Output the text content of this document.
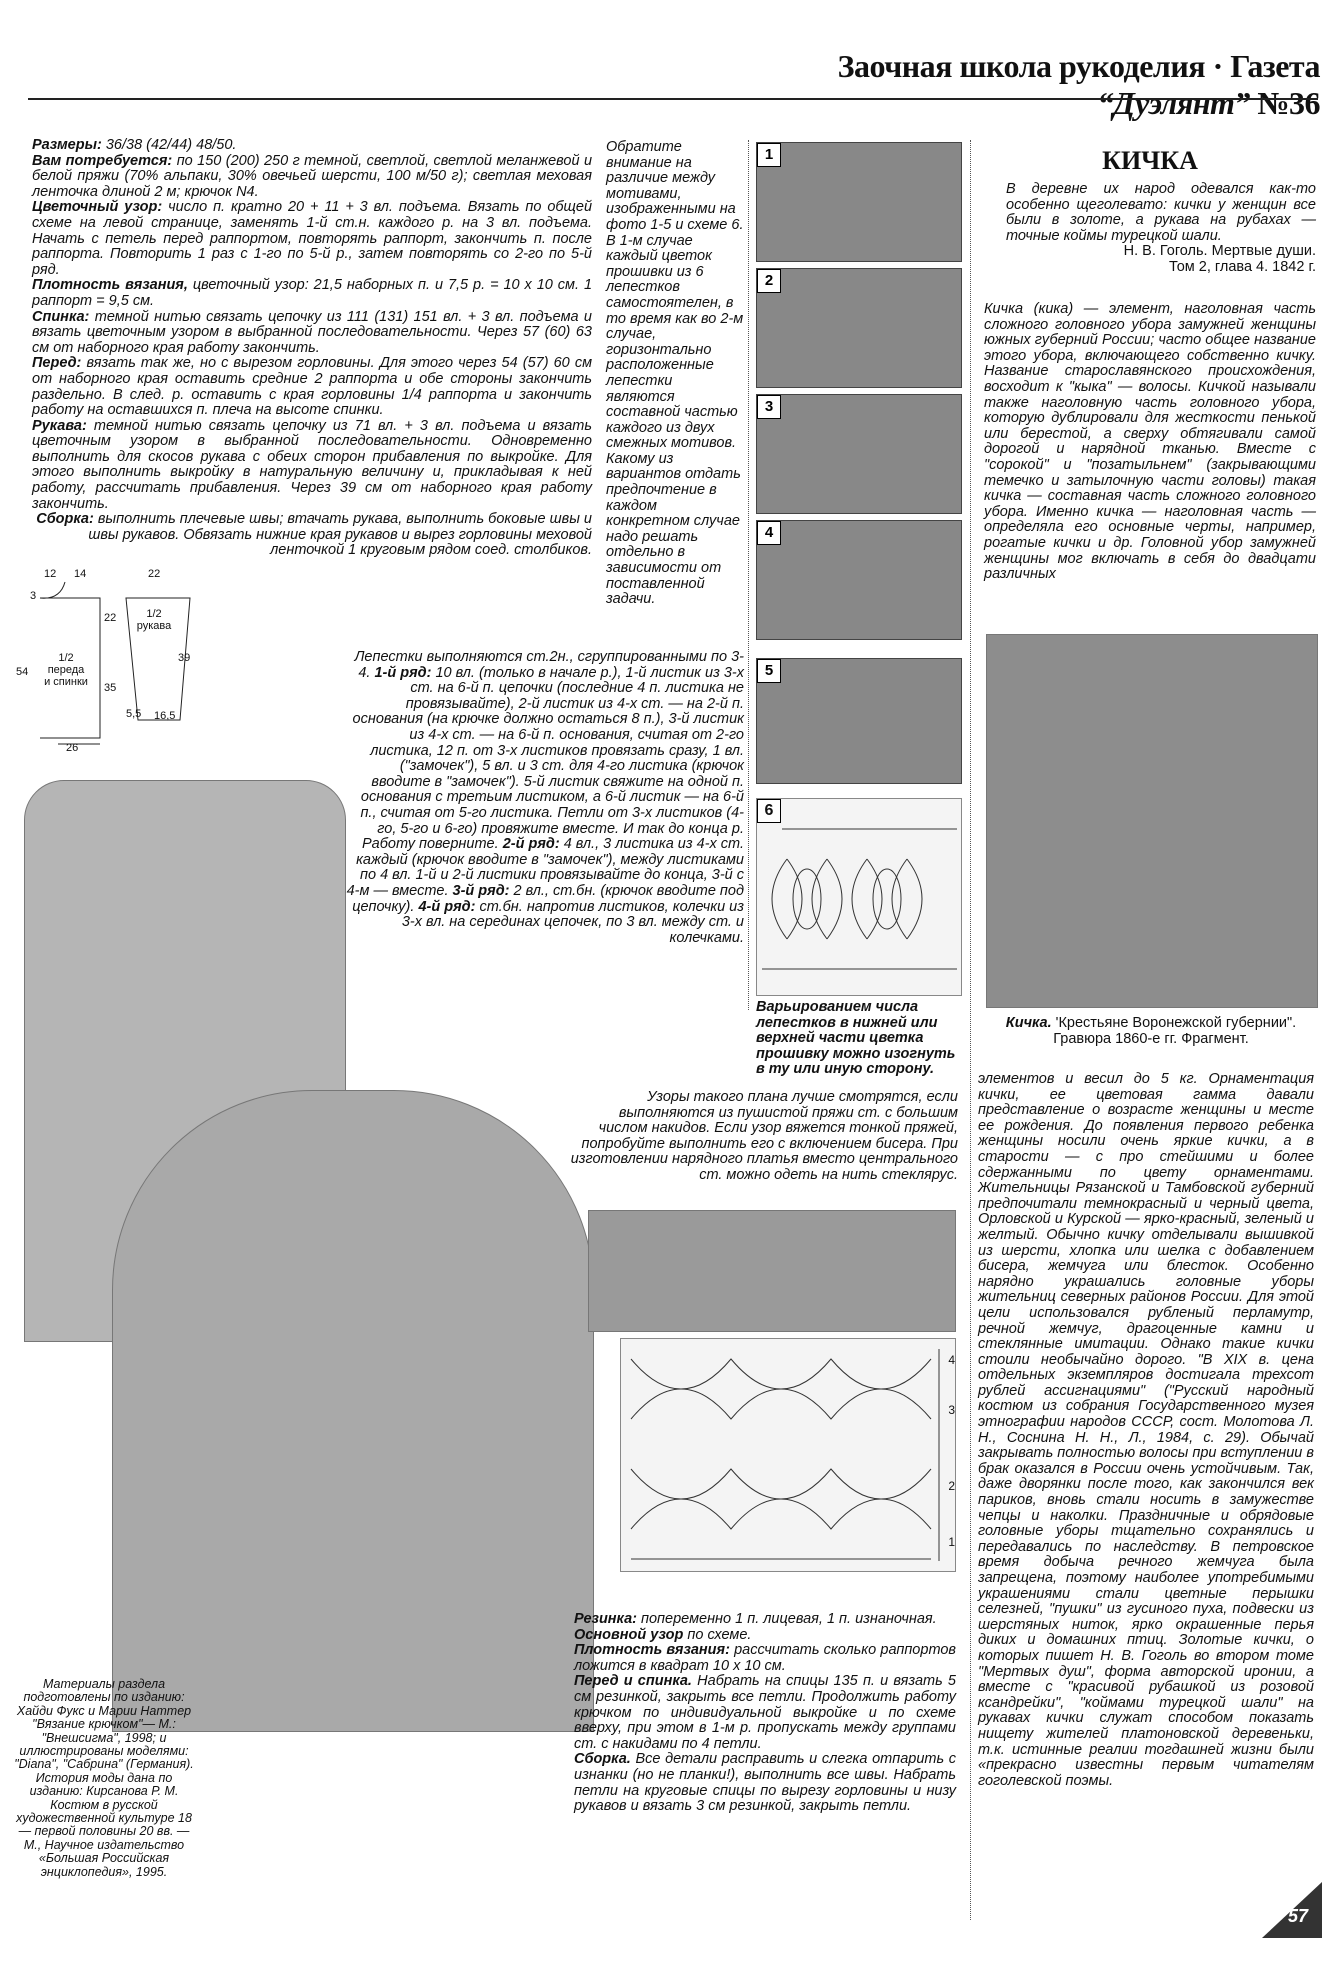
Заочная школа рукоделия · Газета “Дуэлянт” №36

Размеры: 36/38 (42/44) 48/50.

Вам потребуется: по 150 (200) 250 г темной, светлой, светлой меланжевой и белой пряжи (70% альпаки, 30% овечьей шерсти, 100 м/50 г); светлая меховая ленточка длиной 2 м; крючок N4.

Цветочный узор: число п. кратно 20 + 11 + 3 вл. подъема. Вязать по общей схеме на левой странице, заменять 1-й ст.н. каждого р. на 3 вл. подъема. Начать с петель перед раппортом, повторять раппорт, закончить п. после раппорта. Повторить 1 раз с 1-го по 5-й р., затем повторять со 2-го по 5-й ряд.

Плотность вязания, цветочный узор: 21,5 наборных п. и 7,5 р. = 10 х 10 см. 1 раппорт = 9,5 см.

Спинка: темной нитью связать цепочку из 111 (131) 151 вл. + 3 вл. подъема и вязать цветочным узором в выбранной последовательности. Через 57 (60) 63 см от наборного края работу закончить.

Перед: вязать так же, но с вырезом горловины. Для этого через 54 (57) 60 см от наборного края оставить средние 2 раппорта и обе стороны закончить раздельно. В след. р. оставить с края горловины 1/4 раппорта и закончить работу на оставшихся п. плеча на высоте спинки.

Рукава: темной нитью связать цепочку из 71 вл. + 3 вл. подъема и вязать цветочным узором в выбранной последовательности. Одновременно выполнить для скосов рукава с обеих сторон прибавления по выкройке. Для этого выполнить выкройку в натуральную величину и, прикладывая к ней работу, рассчитать прибавления. Через 39 см от наборного края работу закончить.

Сборка: выполнить плечевые швы; втачать рукава, выполнить боковые швы и швы рукавов. Обвязать нижние края рукавов и вырез горловины меховой ленточкой 1 круговым рядом соед. столбиков.

Обратите внимание на различие между мотивами, изображенными на фото 1-5 и схеме 6. В 1-м случае каждый цветок прошивки из 6 лепестков самостоятелен, в то время как во 2-м случае, горизонтально расположенные лепестки являются составной частью каждого из двух смежных мотивов. Какому из вариантов отдать предпочтение в каждом конкретном случае надо решать отдельно в зависимости от поставленной задачи.

1
2
3
4
5
6
Варьированием числа лепестков в нижней или верхней части цветка прошивку можно изогнуть в ту или иную сторону.
12 14	22
3
22	1/2 рукава
39
54
1/2 переда и спинки 35
5,5 16,5
26
Лепестки выполняются ст.2н., сгруппированными по 3-4. 1-й ряд: 10 вл. (только в начале р.), 1-й листик из 3-х ст. на 6-й п. цепочки (последние 4 п. листика не провязывайте), 2-й листик из 4-х ст. — на 2-й п. основания (на крючке должно остаться 8 п.), 3-й листик из 4-х ст. — на 6-й п. основания, считая от 2-го листика, 12 п. от 3-х листиков провязать сразу, 1 вл. ("замочек"), 5 вл. и 3 ст. для 4-го листика (крючок вводите в "замочек"). 5-й листик свяжите на одной п. основания с третьим листиком, а 6-й листик — на 6-й п., считая от 5-го листика. Петли от 3-х листиков (4-го, 5-го и 6-го) провяжите вместе. И так до конца р. Работу поверните. 2-й ряд: 4 вл., 3 листика из 4-х ст. каждый (крючок вводите в "замочек"), между листиками по 4 вл. 1-й и 2-й листики провязывайте до конца, 3-й с 4-м — вместе. 3-й ряд: 2 вл., ст.бн. (крючок вводите под цепочку). 4-й ряд: ст.бн. напротив листиков, колечки из 3-х вл. на серединах цепочек, по 3 вл. между ст. и колечками.
Узоры такого плана лучше смотрятся, если выполняются из пушистой пряжи ст. с большим числом накидов. Если узор вяжется тонкой пряжей, попробуйте выполнить его с включением бисера. При изготовлении нарядного платья вместо центрального ст. можно одеть на нить стеклярус.
4
3
2
1

Резинка: попеременно 1 п. лицевая, 1 п. изнаночная.

Основной узор по схеме.

Плотность вязания: рассчитать сколько раппортов ложится в квадрат 10 х 10 см.

Перед и спинка. Набрать на спицы 135 п. и вязать 5 см резинкой, закрыть все петли. Продолжить работу крючком по индивидуальной выкройке и по схеме вверху, при этом в 1-м р. пропускать между группами ст. с накидами по 4 петли.

Сборка. Все детали расправить и слегка отпарить с изнанки (но не планки!), выполнить все швы. Набрать петли на круговые спицы по вырезу горловины и низу рукавов и вязать 3 см резинкой, закрыть петли.

Материалы раздела подготовлены по изданию: Хайди Фукс и Марии Наттер "Вязание крючком"— М.: "Внешсигма", 1998; и иллюстрированы моделями: "Diana", "Сабрина" (Германия). История моды дана по изданию: Кирсанова Р. М. Костюм в русской художественной культуре 18 — первой половины 20 вв. — М., Научное издательство «Большая Российская энциклопедия», 1995.
КИЧКА

В деревне их народ одевался как-то особенно щеголевато: кички у женщин все были в золоте, а рукава на рубахах — точные коймы турецкой шали.

Н. В. Гоголь. Мертвые души.

Том 2, глава 4. 1842 г.

Кичка (кика) — элемент, наголовная часть сложного головного убора замужней женщины южных губерний России; часто общее название этого убора, включающего собственно кичку. Название старославянского происхождения, восходит к "кыка" — волосы. Кичкой называли также наголовную часть головного убора, которую дублировали для жесткости пенькой или берестой, а сверху обтягивали самой дорогой и нарядной тканью. Вместе с "сорокой" и "позатыльнем" (закрывающими темечко и затылочную части головы) такая кичка — составная часть сложного головного убора. Именно кичка — наголовная часть — определяла его основные черты, например, рогатые кички и др. Головной убор замужней женщины мог включать в себя до двадцати различных

Кичка. 'Крестьяне Воронежской губернии". Гравюра 1860-е гг. Фрагмент.

элементов и весил до 5 кг. Орнаментация кички, ее цветовая гамма давали представление о возрасте женщины и месте ее рождения. До появления первого ребенка женщины носили очень яркие кички, а в старости — с про стейшими и более сдержанными по цвету орнаментами. Жительницы Рязанской и Тамбовской губерний предпочитали темнокрасный и черный цвета, Орловской и Курской — ярко-красный, зеленый и желтый. Обычно кичку отделывали вышивкой из шерсти, хлопка или шелка с добавлением бисера, жемчуга или блесток. Особенно нарядно украшались головные уборы жительниц северных районов России. Для этой цели использовался рубленый перламутр, речной жемчуг, драгоценные камни и стеклянные имитации. Однако такие кички стоили необычайно дорого. "В XIX в. цена отдельных экземпляров достигала трехсот рублей ассигнациями" ("Русский народный костюм из собрания Государственного музея этнографии народов СССР, сост. Молотова Л. Н., Соснина Н. Н., Л., 1984, с. 29). Обычай закрывать полностью волосы при вступлении в брак оказался в России очень устойчивым. Так, даже дворянки после того, как закончился век париков, вновь стали носить в замужестве чепцы и наколки. Праздничные и обрядовые головные уборы тщательно сохранялись и передавались по наследству. В петровское время добыча речного жемчуга была запрещена, поэтому наиболее употребимыми украшениями стали цветные перышки селезней, "пушки" из гусиного пуха, подвески из шерстяных ниток, ярко окрашенные перья диких и домашних птиц. Золотые кички, о которых пишет Н. В. Гоголь во втором томе "Мертвых душ", форма авторской иронии, а вместе с "красивой рубашкой из розовой ксандрейки", "коймами турецкой шали" на рукавах кички служат способом показать нищету жителей платоновской деревеньки, т.к. истинные реалии тогдашней жизни были «прекрасно известны первым читателям гоголевской поэмы.

57
